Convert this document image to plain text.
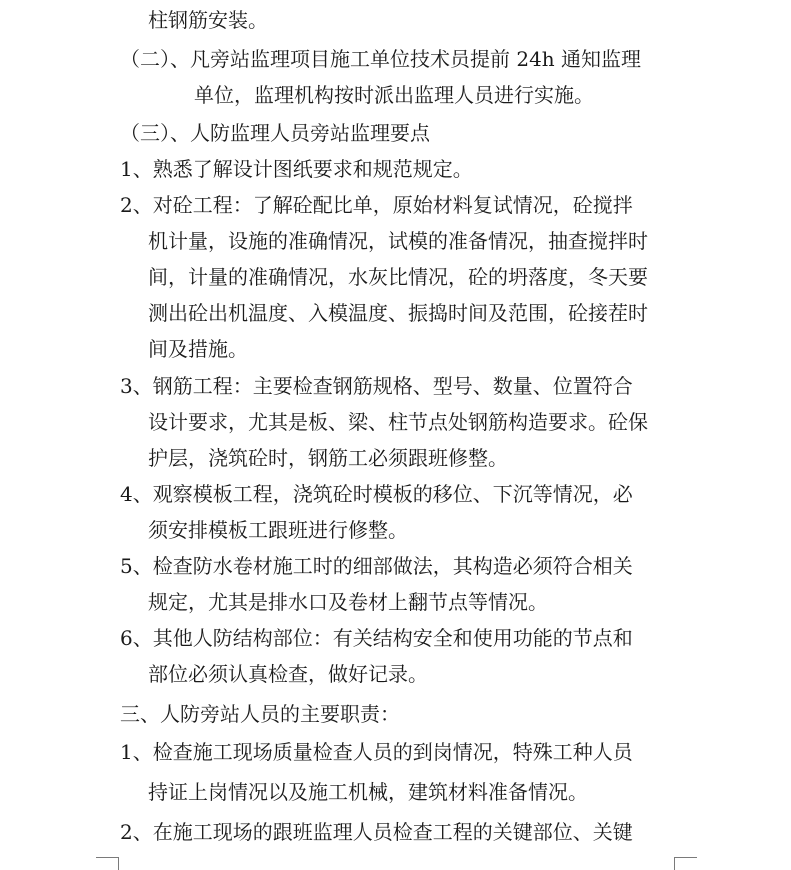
柱钢筋安装。
（二）、凡旁站监理项目施工单位技术员提前 24h 通知监理
单位，监理机构按时派出监理人员进行实施。
（三）、人防监理人员旁站监理要点
1、熟悉了解设计图纸要求和规范规定。
2、对砼工程：了解砼配比单，原始材料复试情况，砼搅拌
机计量，设施的准确情况，试模的准备情况，抽查搅拌时
间，计量的准确情况，水灰比情况，砼的坍落度，冬天要
测出砼出机温度、入模温度、振捣时间及范围，砼接茬时
间及措施。
3、钢筋工程：主要检查钢筋规格、型号、数量、位置符合
设计要求，尤其是板、梁、柱节点处钢筋构造要求。砼保
护层，浇筑砼时，钢筋工必须跟班修整。
4、观察模板工程，浇筑砼时模板的移位、下沉等情况，必
须安排模板工跟班进行修整。
5、检查防水卷材施工时的细部做法，其构造必须符合相关
规定，尤其是排水口及卷材上翻节点等情况。
6、其他人防结构部位：有关结构安全和使用功能的节点和
部位必须认真检查，做好记录。
三、人防旁站人员的主要职责：
1、检查施工现场质量检查人员的到岗情况，特殊工种人员
持证上岗情况以及施工机械，建筑材料准备情况。
2、在施工现场的跟班监理人员检查工程的关键部位、关键
